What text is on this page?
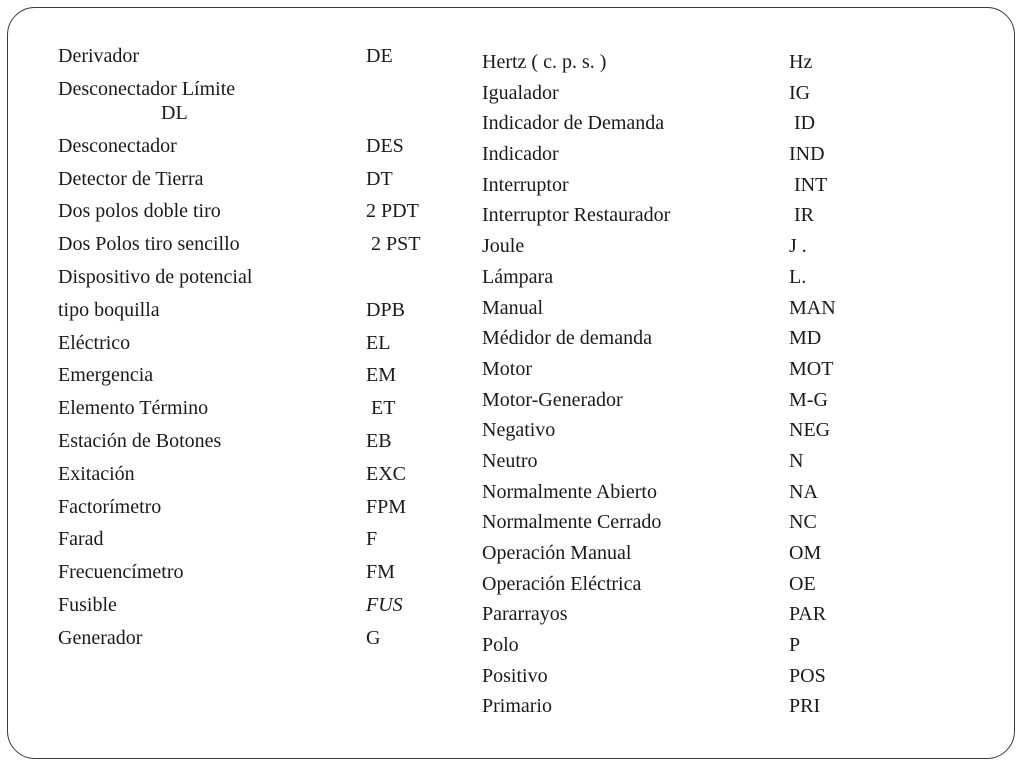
Derivador	DE
Desconectador Límite
DL
Desconectador	DES
Detector de Tierra	DT
Dos polos doble tiro	2 PDT
Dos Polos tiro sencillo	2 PST
Dispositivo de potencial
tipo boquilla	DPB
Eléctrico	EL
Emergencia	EM
Elemento Término	ET
Estación de Botones	EB
Exitación	EXC
Factorímetro	FPM
Farad	F
Frecuencímetro	FM
Fusible	FUS
Generador	G
Hertz ( c. p. s. )	Hz
Igualador	IG
Indicador de Demanda	ID
Indicador	IND
Interruptor	INT
Interruptor Restaurador	IR
Joule	J .
Lámpara	L.
Manual	MAN
Médidor de demanda	MD
Motor	MOT
Motor-Generador	M-G
Negativo	NEG
Neutro	N
Normalmente Abierto	NA
Normalmente Cerrado	NC
Operación Manual	OM
Operación Eléctrica	OE
Pararrayos	PAR
Polo	P
Positivo	POS
Primario	PRI
